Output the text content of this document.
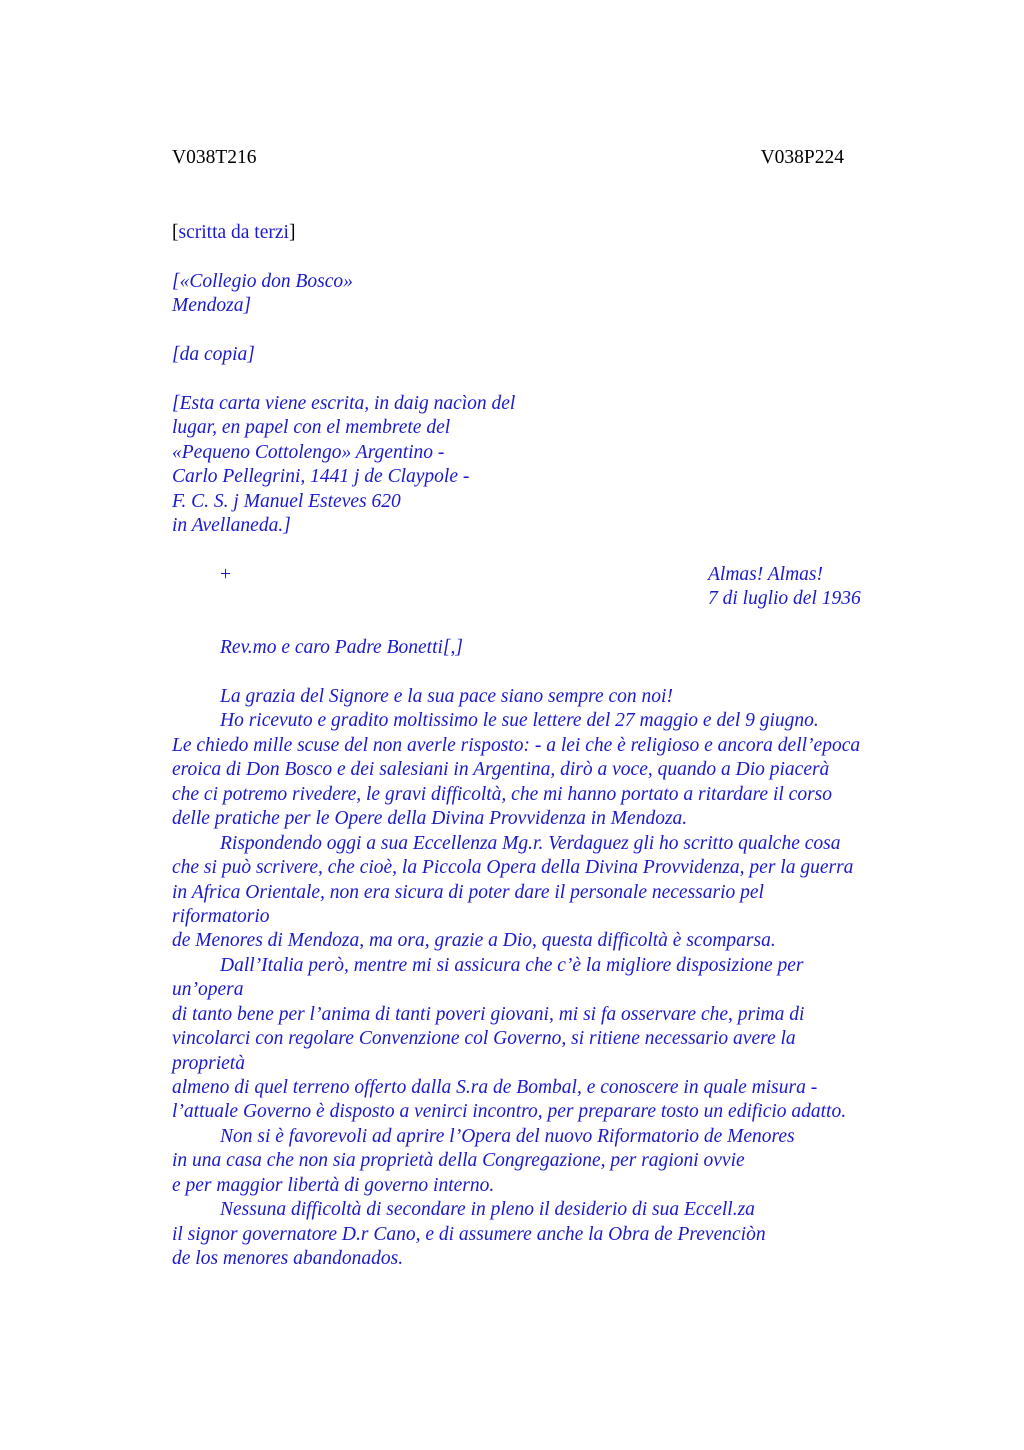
V038T216	V038P224
[scritta da terzi]
[«Collegio don Bosco»
Mendoza]
[da copia]
[Esta carta viene escrita, in daig nacìon del
lugar, en papel con el membrete del
«Pequeno Cottolengo» Argentino -
Carlo Pellegrini, 1441 j de Claypole -
F. C. S. j Manuel Esteves 620
in Avellaneda.]
+	Almas! Almas!
7 di luglio del 1936
Rev.mo e caro Padre Bonetti[,]
La grazia del Signore e la sua pace siano sempre con noi!
Ho ricevuto e gradito moltissimo le sue lettere del 27 maggio e del 9 giugno.
Le chiedo mille scuse del non averle risposto: - a lei che è religioso e ancora dell’epoca
eroica di Don Bosco e dei salesiani in Argentina, dirò a voce, quando a Dio piacerà
che ci potremo rivedere, le gravi difficoltà, che mi hanno portato a ritardare il corso
delle pratiche per le Opere della Divina Provvidenza in Mendoza.
Rispondendo oggi a sua Eccellenza Mg.r. Verdaguez gli ho scritto qualche cosa
che si può scrivere, che cioè, la Piccola Opera della Divina Provvidenza, per la guerra
in Africa Orientale, non era sicura di poter dare il personale necessario pel
riformatorio
de Menores di Mendoza, ma ora, grazie a Dio, questa difficoltà è scomparsa.
Dall’Italia però, mentre mi si assicura che c’è la migliore disposizione per
un’opera
di tanto bene per l’anima di tanti poveri giovani, mi si fa osservare che, prima di
vincolarci con regolare Convenzione col Governo, si ritiene necessario avere la
proprietà
almeno di quel terreno offerto dalla S.ra de Bombal, e conoscere in quale misura -
l’attuale Governo è disposto a venirci incontro, per preparare tosto un edificio adatto.
Non si è favorevoli ad aprire l’Opera del nuovo Riformatorio de Menores
in una casa che non sia proprietà della Congregazione, per ragioni ovvie
e per maggior libertà di governo interno.
Nessuna difficoltà di secondare in pleno il desiderio di sua Eccell.za
il signor governatore D.r Cano, e di assumere anche la Obra de Prevenciòn
de los menores abandonados.
